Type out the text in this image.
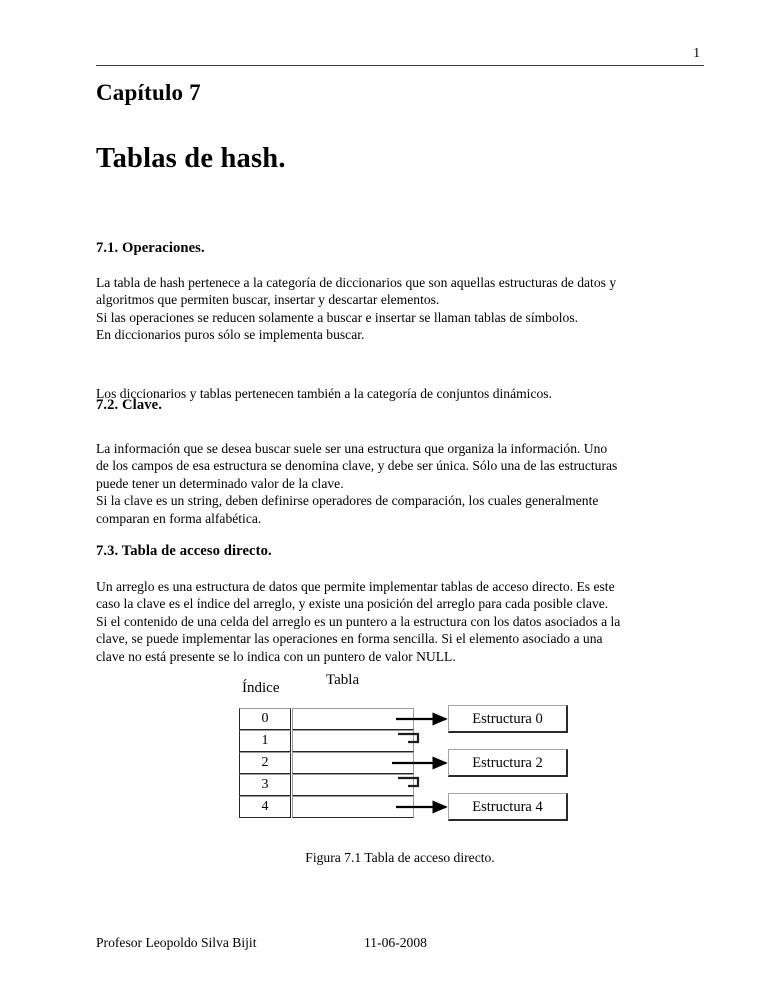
1
Capítulo 7
Tablas de hash.

7.1. Operaciones.

La tabla de hash pertenece a la categoría de diccionarios que son aquellas estructuras de datos y
algoritmos que permiten buscar, insertar y descartar elementos.
Si las operaciones se reducen solamente a buscar e insertar se llaman tablas de símbolos.
En diccionarios puros sólo se implementa buscar.

Los diccionarios y tablas pertenecen también a la categoría de conjuntos dinámicos.

7.2. Clave.

La información que se desea buscar suele ser una estructura que organiza la información. Uno
de los campos de esa estructura se denomina clave, y debe ser única. Sólo una de las estructuras
puede tener un determinado valor de la clave.
Si la clave es un string, deben definirse operadores de comparación, los cuales generalmente
comparan en forma alfabética.

7.3. Tabla de acceso directo.

Un arreglo es una estructura de datos que permite implementar tablas de acceso directo. Es este
caso la clave es el índice del arreglo, y existe una posición del arreglo para cada posible clave.
Si el contenido de una celda del arreglo es un puntero a la estructura con los datos asociados a la
clave, se puede implementar las operaciones en forma sencilla. Si el elemento asociado a una
clave no está presente se lo indica con un puntero de valor NULL.
Índice	Tabla
0
1
2
3
4
Estructura 0
Estructura 2
Estructura 4
Figura 7.1 Tabla de acceso directo.
Profesor Leopoldo Silva Bijit	11-06-2008
